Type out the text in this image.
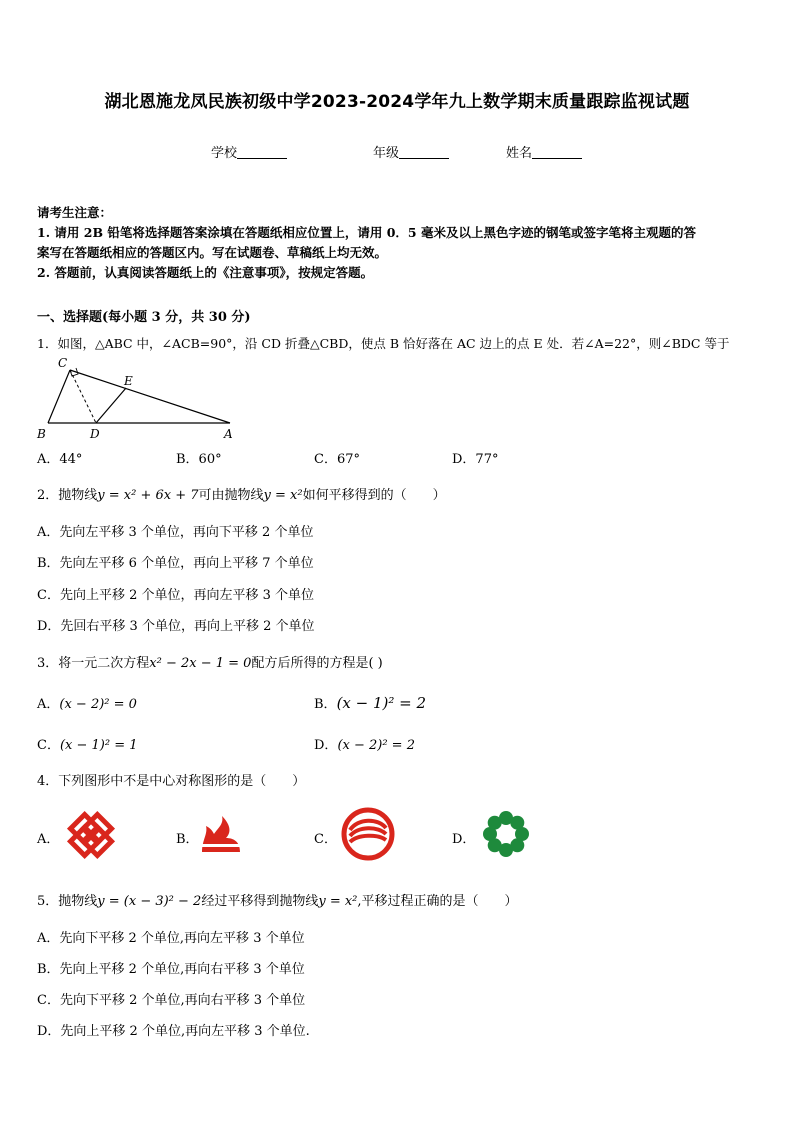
湖北恩施龙凤民族初级中学2023-2024学年九上数学期末质量跟踪监视试题
学校	年级	姓名
请考生注意：
1. 请用 2B 铅笔将选择题答案涂填在答题纸相应位置上，请用 0．5 毫米及以上黑色字迹的钢笔或签字笔将主观题的答
案写在答题纸相应的答题区内。写在试题卷、草稿纸上均无效。
2. 答题前，认真阅读答题纸上的《注意事项》，按规定答题。
一、选择题(每小题 3 分，共 30 分)
1．如图，△ABC 中，∠ACB=90°，沿 CD 折叠△CBD，使点 B 恰好落在 AC 边上的点 E 处．若∠A=22°，则∠BDC 等于
C
E
B	D	A
A．44°	B．60°	C．67°	D．77°
2．抛物线y = x² + 6x + 7可由抛物线y = x²如何平移得到的（　　）
A．先向左平移 3 个单位，再向下平移 2 个单位
B．先向左平移 6 个单位，再向上平移 7 个单位
C．先向上平移 2 个单位，再向左平移 3 个单位
D．先回右平移 3 个单位，再向上平移 2 个单位
3．将一元二次方程x² − 2x − 1 = 0配方后所得的方程是( )
A．(x − 2)² = 0	B．(x − 1)² = 2
C．(x − 1)² = 1	D．(x − 2)² = 2
4．下列图形中不是中心对称图形的是（　　）
A．	B．	C．	D．
5．抛物线y = (x − 3)² − 2经过平移得到抛物线y = x²,平移过程正确的是（　　）
A．先向下平移 2 个单位,再向左平移 3 个单位
B．先向上平移 2 个单位,再向右平移 3 个单位
C．先向下平移 2 个单位,再向右平移 3 个单位
D．先向上平移 2 个单位,再向左平移 3 个单位.
